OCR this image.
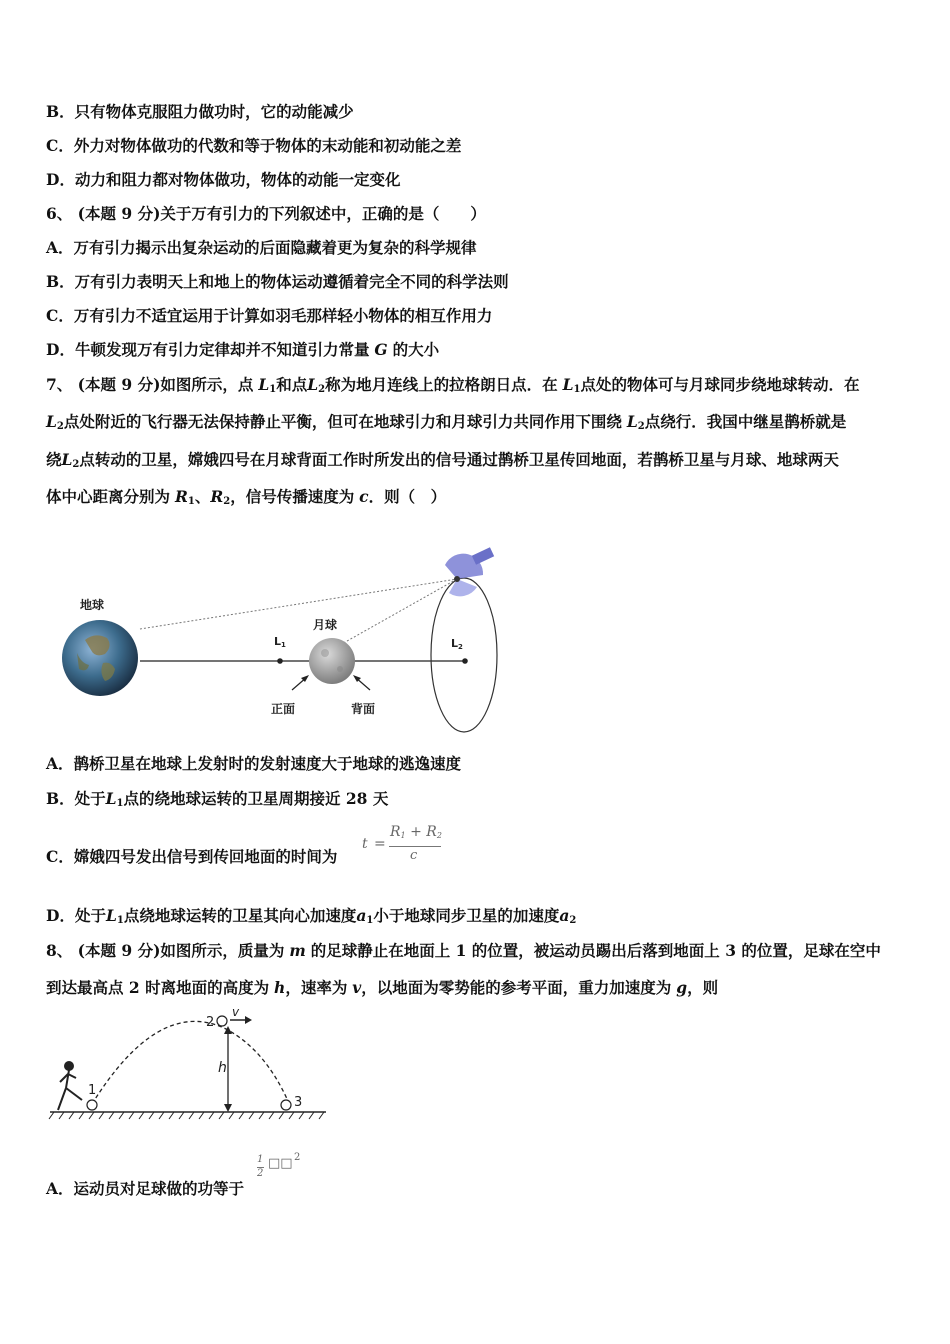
B．只有物体克服阻力做功时，它的动能减少
C．外力对物体做功的代数和等于物体的末动能和初动能之差
D．动力和阻力都对物体做功，物体的动能一定变化
6、 (本题 9 分)关于万有引力的下列叙述中，正确的是（　　）
A．万有引力揭示出复杂运动的后面隐藏着更为复杂的科学规律
B．万有引力表明天上和地上的物体运动遵循着完全不同的科学法则
C．万有引力不适宜运用于计算如羽毛那样轻小物体的相互作用力
D．牛顿发现万有引力定律却并不知道引力常量 G 的大小
7、 (本题 9 分)如图所示，点 $L_1$和点$L_2$称为地月连线上的拉格朗日点．在 $L_1$点处的物体可与月球同步绕地球转动．在
$L_2$点处附近的飞行器无法保持静止平衡，但可在地球引力和月球引力共同作用下围绕 $L_2$点绕行．我国中继星鹊桥就是
绕$L_2$点转动的卫星，嫦娥四号在月球背面工作时所发出的信号通过鹊桥卫星传回地面，若鹊桥卫星与月球、地球两天
体中心距离分别为 $R_1$、$R_2$，信号传播速度为 c．则（　）
地球
L1
月球
正面	背面
L2
A．鹊桥卫星在地球上发射时的发射速度大于地球的逃逸速度
B．处于$L_1$点的绕地球运转的卫星周期接近 28 天
C．嫦娥四号发出信号到传回地面的时间为
t =
$R_1 + R_2$
c
D．处于$L_1$点绕地球运转的卫星其向心加速度$a_1$小于地球同步卫星的加速度$a_2$
8、 (本题 9 分)如图所示，质量为 m 的足球静止在地面上 1 的位置，被运动员踢出后落到地面上 3 的位置，足球在空中
到达最高点 2 时离地面的高度为 h，速率为 v，以地面为零势能的参考平面，重力加速度为 g，则
1
2
3
v
h
A．运动员对足球做的功等于
1
2
□□ 2
